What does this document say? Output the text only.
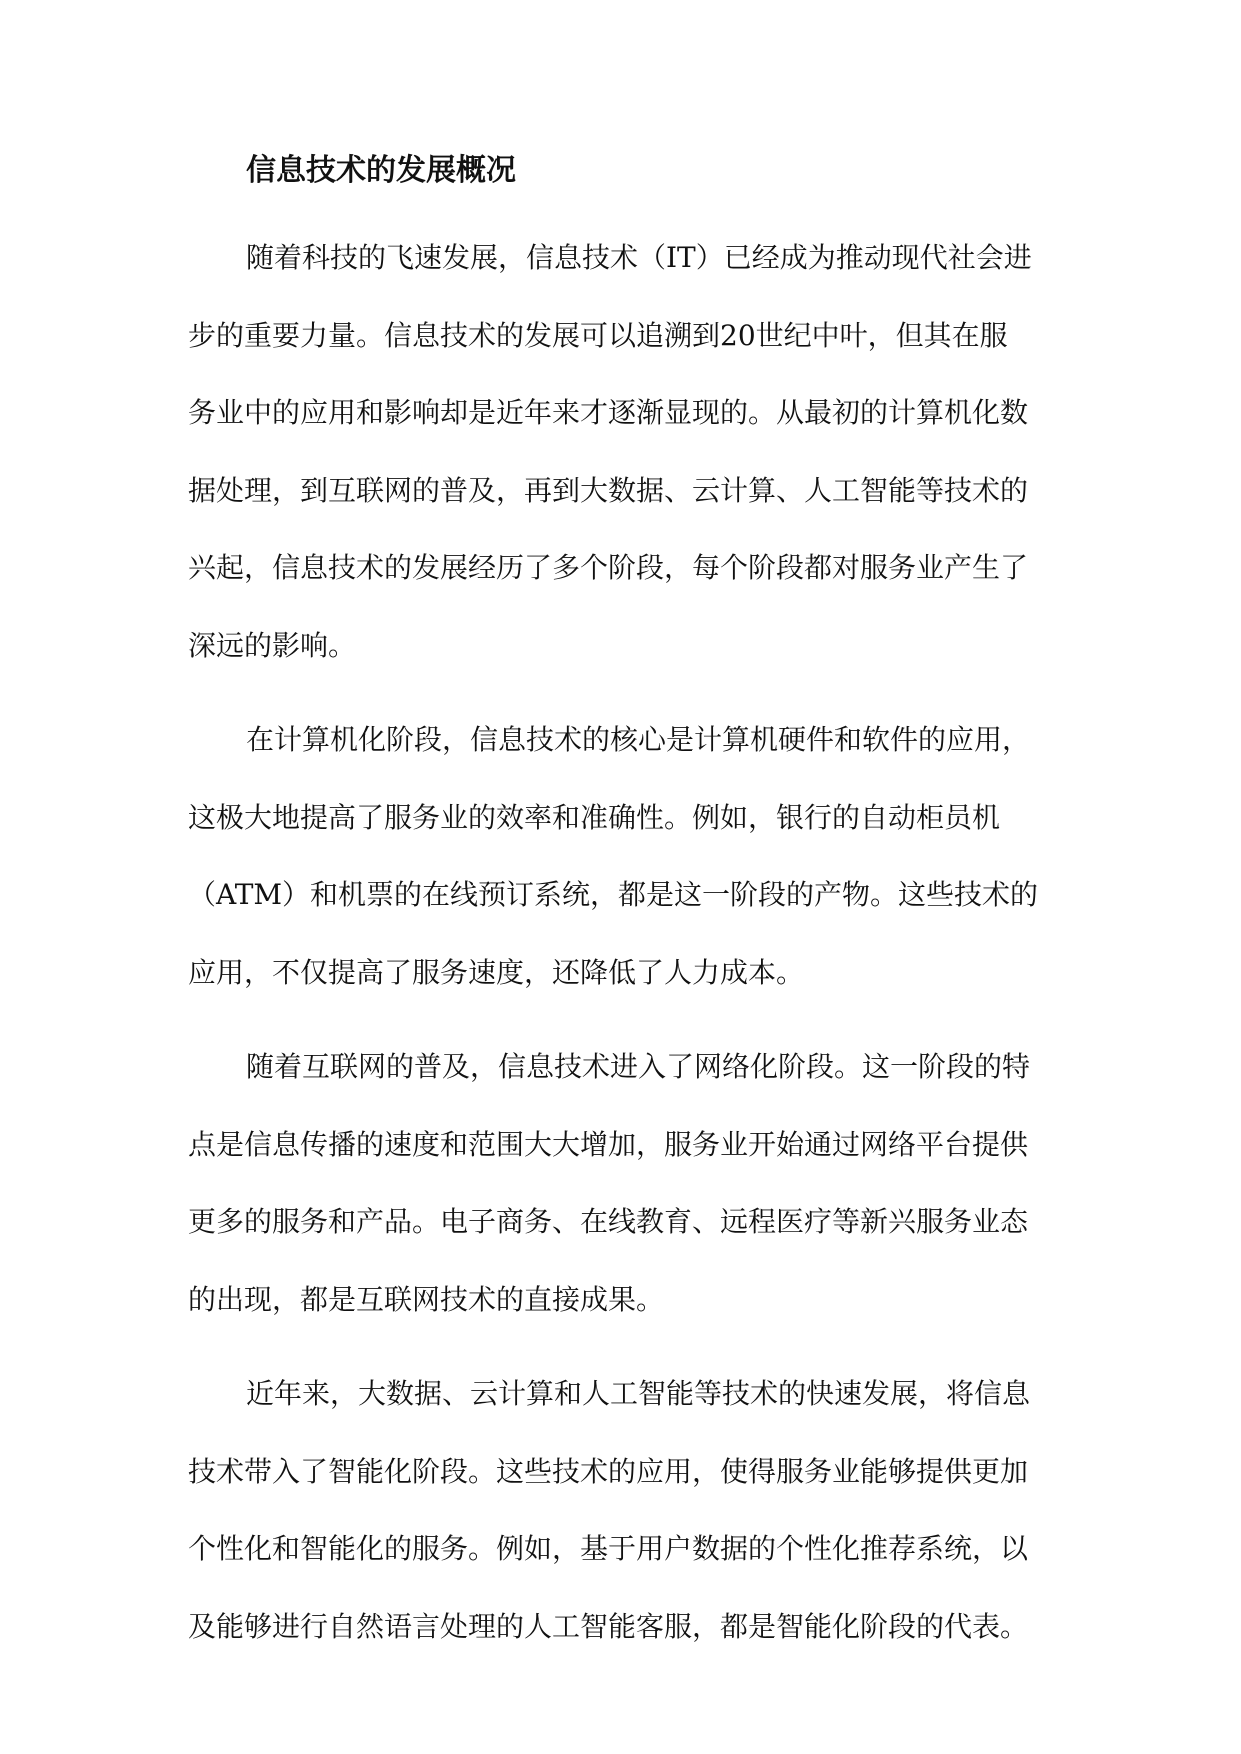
信息技术的发展概况

随着科技的飞速发展，信息技术（IT）已经成为推动现代社会进
步的重要力量。信息技术的发展可以追溯到20世纪中叶，但其在服
务业中的应用和影响却是近年来才逐渐显现的。从最初的计算机化数
据处理，到互联网的普及，再到大数据、云计算、人工智能等技术的
兴起，信息技术的发展经历了多个阶段，每个阶段都对服务业产生了
深远的影响。

在计算机化阶段，信息技术的核心是计算机硬件和软件的应用，
这极大地提高了服务业的效率和准确性。例如，银行的自动柜员机
（ATM）和机票的在线预订系统，都是这一阶段的产物。这些技术的
应用，不仅提高了服务速度，还降低了人力成本。

随着互联网的普及，信息技术进入了网络化阶段。这一阶段的特
点是信息传播的速度和范围大大增加，服务业开始通过网络平台提供
更多的服务和产品。电子商务、在线教育、远程医疗等新兴服务业态
的出现，都是互联网技术的直接成果。

近年来，大数据、云计算和人工智能等技术的快速发展，将信息
技术带入了智能化阶段。这些技术的应用，使得服务业能够提供更加
个性化和智能化的服务。例如，基于用户数据的个性化推荐系统，以
及能够进行自然语言处理的人工智能客服，都是智能化阶段的代表。
